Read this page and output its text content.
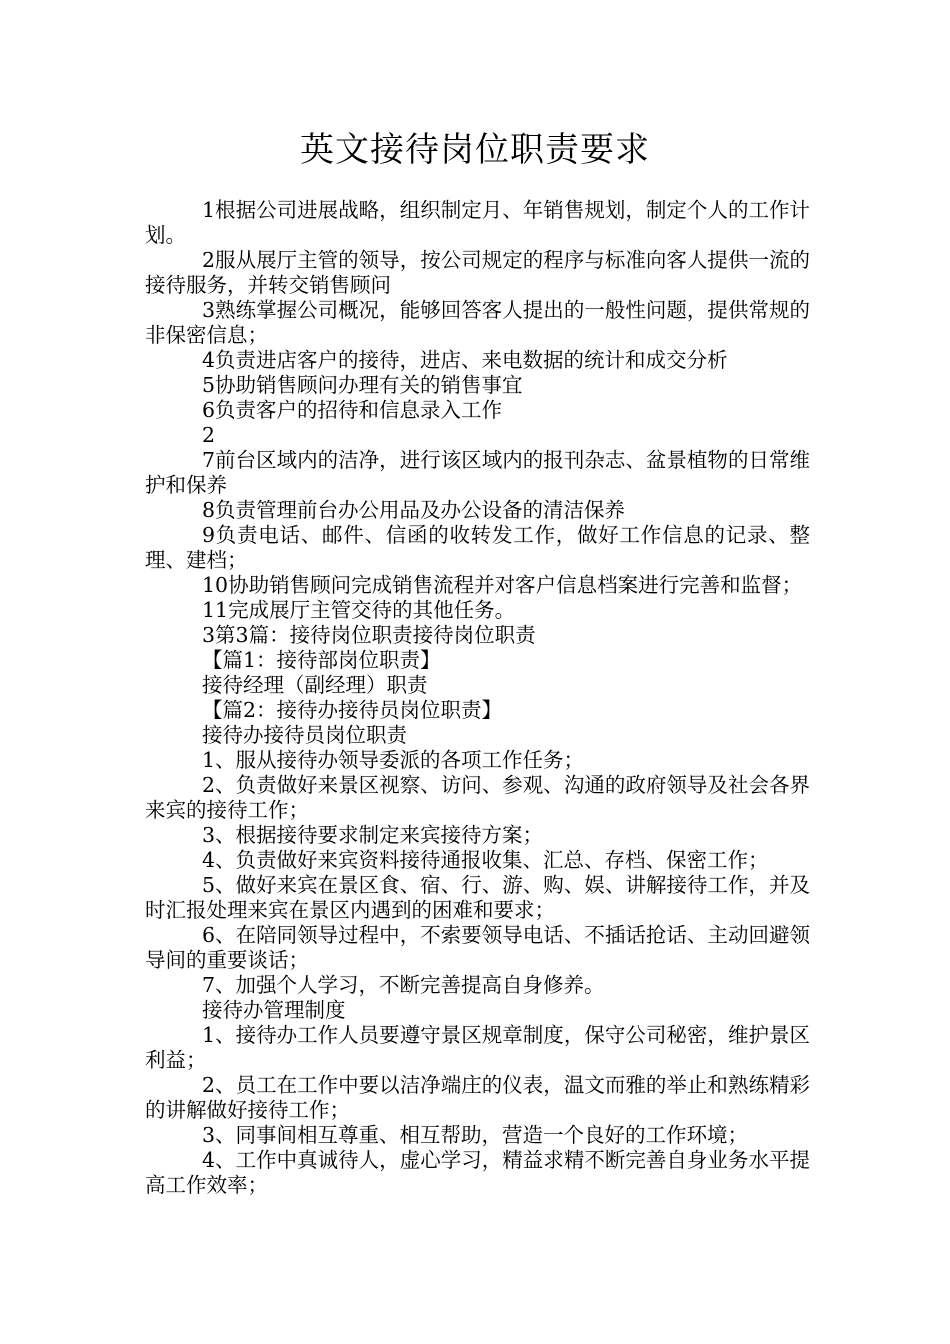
英文接待岗位职责要求

1根据公司进展战略，组织制定月、年销售规划，制定个人的工作计划。

2服从展厅主管的领导，按公司规定的程序与标准向客人提供一流的接待服务，并转交销售顾问

3熟练掌握公司概况，能够回答客人提出的一般性问题，提供常规的非保密信息；

4负责进店客户的接待，进店、来电数据的统计和成交分析

5协助销售顾问办理有关的销售事宜

6负责客户的招待和信息录入工作

2

7前台区域内的洁净，进行该区域内的报刊杂志、盆景植物的日常维护和保养

8负责管理前台办公用品及办公设备的清洁保养

9负责电话、邮件、信函的收转发工作，做好工作信息的记录、整理、建档；

10协助销售顾问完成销售流程并对客户信息档案进行完善和监督；

11完成展厅主管交待的其他任务。

3第3篇：接待岗位职责接待岗位职责

【篇1：接待部岗位职责】

接待经理（副经理）职责

【篇2：接待办接待员岗位职责】

接待办接待员岗位职责

1、服从接待办领导委派的各项工作任务；

2、负责做好来景区视察、访问、参观、沟通的政府领导及社会各界来宾的接待工作；

3、根据接待要求制定来宾接待方案；

4、负责做好来宾资料接待通报收集、汇总、存档、保密工作；

5、做好来宾在景区食、宿、行、游、购、娱、讲解接待工作，并及时汇报处理来宾在景区内遇到的困难和要求；

6、在陪同领导过程中，不索要领导电话、不插话抢话、主动回避领导间的重要谈话；

7、加强个人学习，不断完善提高自身修养。

接待办管理制度

1、接待办工作人员要遵守景区规章制度，保守公司秘密，维护景区利益；

2、员工在工作中要以洁净端庄的仪表，温文而雅的举止和熟练精彩的讲解做好接待工作；

3、同事间相互尊重、相互帮助，营造一个良好的工作环境；

4、工作中真诚待人，虚心学习，精益求精不断完善自身业务水平提高工作效率；
